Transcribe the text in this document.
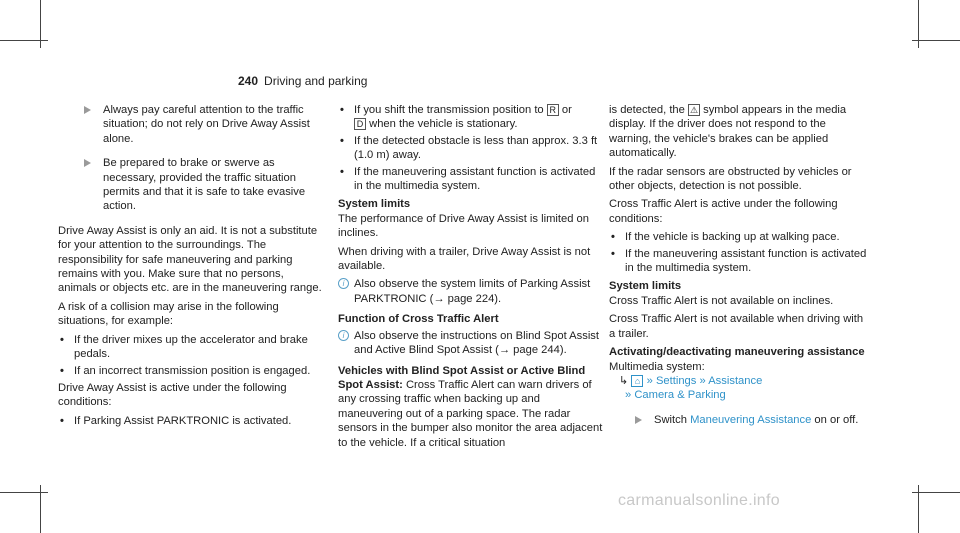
240 Driving and parking
Always pay careful attention to the traffic situation; do not rely on Drive Away Assist alone.
Be prepared to brake or swerve as necessary, provided the traffic situation permits and that it is safe to take evasive action.

Drive Away Assist is only an aid. It is not a substitute for your attention to the surroundings. The responsibility for safe maneuvering and parking remains with you. Make sure that no persons, animals or objects etc. are in the maneuvering range.

A risk of a collision may arise in the following situations, for example:

• If the driver mixes up the accelerator and brake pedals.
• If an incorrect transmission position is engaged.

Drive Away Assist is active under the following conditions:

• If Parking Assist PARKTRONIC is activated.
• If you shift the transmission position to R or
D when the vehicle is stationary.
• If the detected obstacle is less than approx. 3.3 ft (1.0 m) away.
• If the maneuvering assistant function is activated in the multimedia system.
System limits

The performance of Drive Away Assist is limited on inclines.

When driving with a trailer, Drive Away Assist is not available.

i Also observe the system limits of Parking Assist PARKTRONIC (→ page 224).
Function of Cross Traffic Alert
i Also observe the instructions on Blind Spot Assist and Active Blind Spot Assist (→ page 244).

Vehicles with Blind Spot Assist or Active Blind Spot Assist: Cross Traffic Alert can warn drivers of any crossing traffic when backing up and maneuvering out of a parking space. The radar sensors in the bumper also monitor the area adjacent to the vehicle. If a critical situation

is detected, the ⚠ symbol appears in the media display. If the driver does not respond to the warning, the vehicle's brakes can be applied automatically.

If the radar sensors are obstructed by vehicles or other objects, detection is not possible.

Cross Traffic Alert is active under the following conditions:

• If the vehicle is backing up at walking pace.
• If the maneuvering assistant function is activated in the multimedia system.
System limits

Cross Traffic Alert is not available on inclines.

Cross Traffic Alert is not available when driving with a trailer.

Activating/deactivating maneuvering assistance

Multimedia system:

↳ ⌂ » Settings » Assistance
» Camera & Parking
Switch Maneuvering Assistance on or off.
carmanualsonline.info
